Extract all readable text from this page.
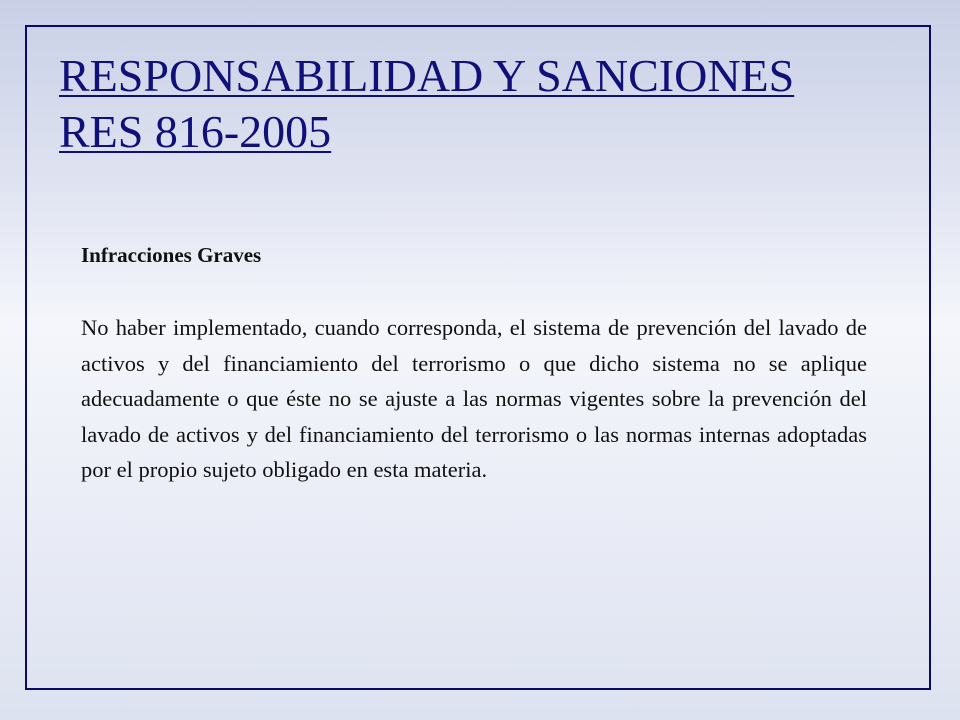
RESPONSABILIDAD Y SANCIONES
RES 816-2005

Infracciones Graves

No haber implementado, cuando corresponda, el sistema de prevención del lavado de activos y del financiamiento del terrorismo o que dicho sistema no se aplique adecuadamente o que éste no se ajuste a las normas vigentes sobre la prevención del lavado de activos y del financiamiento del terrorismo o las normas internas adoptadas por el propio sujeto obligado en esta materia.
